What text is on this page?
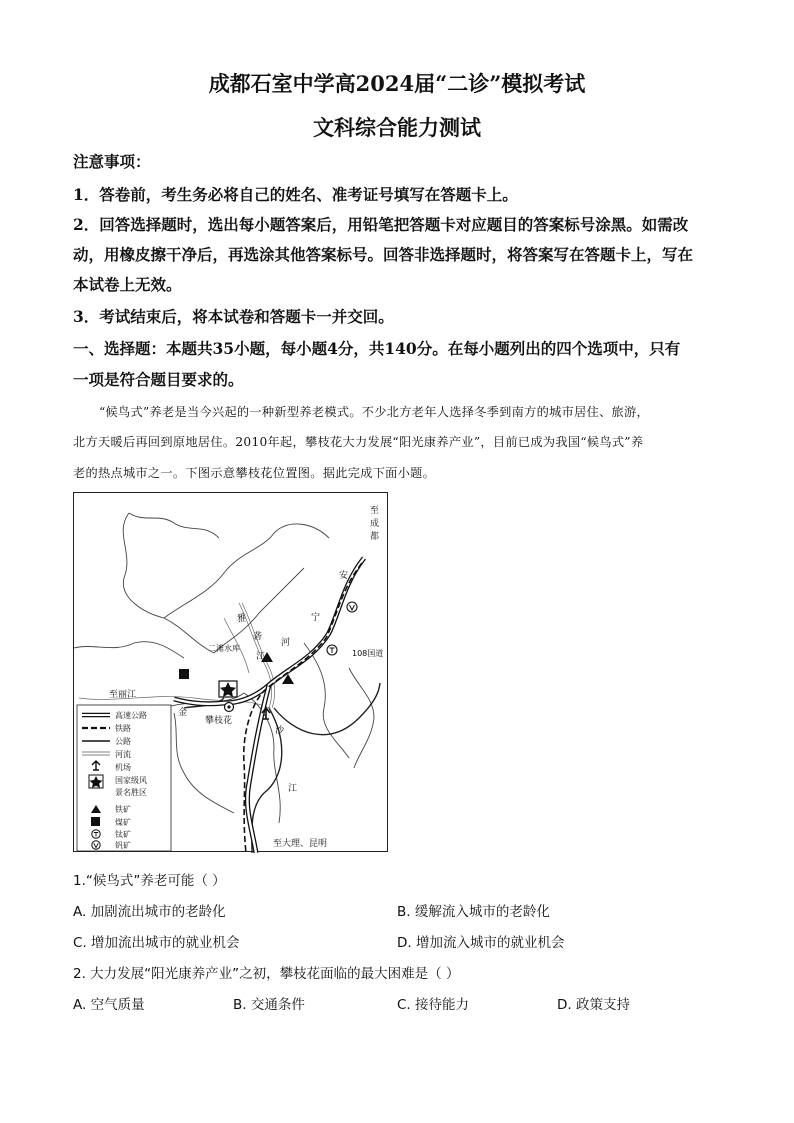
成都石室中学高2024届“二诊”模拟考试
文科综合能力测试
注意事项：
1．答卷前，考生务必将自己的姓名、准考证号填写在答题卡上。
2．回答选择题时，选出每小题答案后，用铅笔把答题卡对应题目的答案标号涂黑。如需改
动，用橡皮擦干净后，再选涂其他答案标号。回答非选择题时，将答案写在答题卡上，写在
本试卷上无效。
3．考试结束后，将本试卷和答题卡一并交回。
一、选择题：本题共35小题，每小题4分，共140分。在每小题列出的四个选项中，只有
一项是符合题目要求的。
“候鸟式”养老是当今兴起的一种新型养老模式。不少北方老年人选择冬季到南方的城市居住、旅游，
北方天暖后再回到原地居住。2010年起，攀枝花大力发展“阳光康养产业”，目前已成为我国“候鸟式”养
老的热点城市之一。下图示意攀枝花位置图。据此完成下面小题。
至
成
都
安
宁
河
雅
砻
江
二滩水库
108国道
至丽江
金
攀枝花
沙
江
至大理、昆明
高速公路
铁路
公路
河流
机场
国家级风
景名胜区
铁矿
煤矿
钛矿
钒矿
1.“候鸟式”养老可能（ ）
A. 加剧流出城市的老龄化	B. 缓解流入城市的老龄化
C. 增加流出城市的就业机会	D. 增加流入城市的就业机会
2. 大力发展“阳光康养产业”之初，攀枝花面临的最大困难是（ ）
A. 空气质量	B. 交通条件	C. 接待能力	D. 政策支持
